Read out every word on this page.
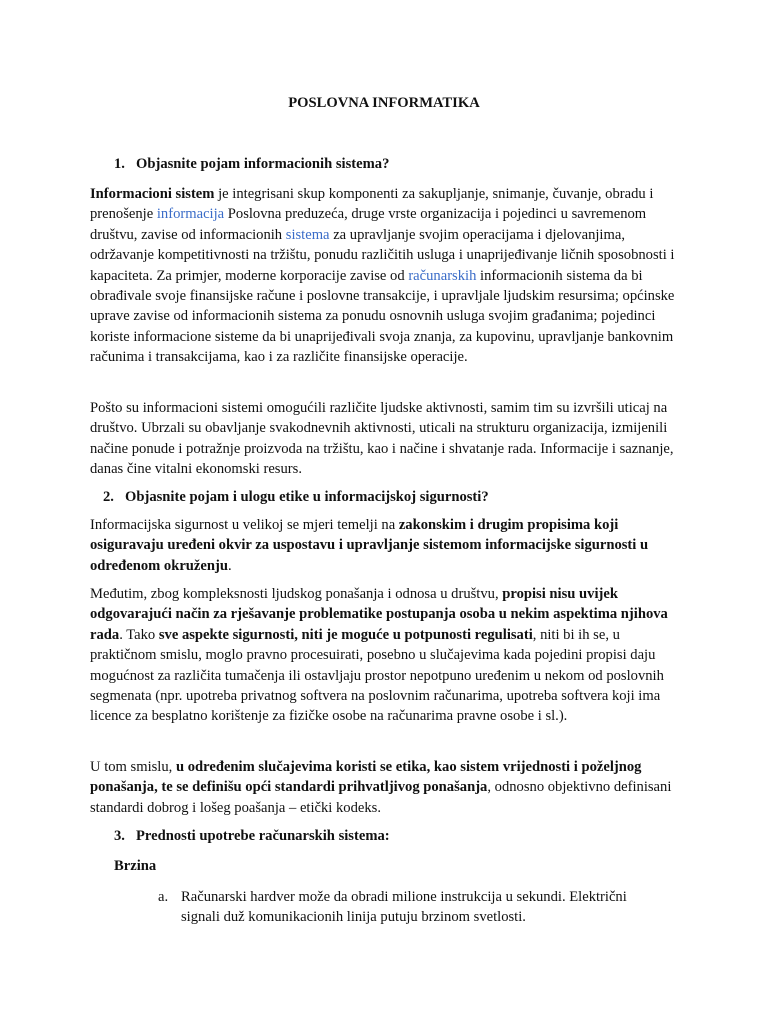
POSLOVNA INFORMATIKA
1. Objasnite pojam informacionih sistema?

Informacioni sistem je integrisani skup komponenti za sakupljanje, snimanje, čuvanje, obradu i prenošenje informacija Poslovna preduzeća, druge vrste organizacija i pojedinci u savremenom društvu, zavise od informacionih sistema za upravljanje svojim operacijama i djelovanjima, održavanje kompetitivnosti na tržištu, ponudu različitih usluga i unaprijeđivanje ličnih sposobnosti i kapaciteta. Za primjer, moderne korporacije zavise od računarskih informacionih sistema da bi obrađivale svoje finansijske račune i poslovne transakcije, i upravljale ljudskim resursima; općinske uprave zavise od informacionih sistema za ponudu osnovnih usluga svojim građanima; pojedinci koriste informacione sisteme da bi unaprijeđivali svoja znanja, za kupovinu, upravljanje bankovnim računima i transakcijama, kao i za različite finansijske operacije.

Pošto su informacioni sistemi omogućili različite ljudske aktivnosti, samim tim su izvršili uticaj na društvo. Ubrzali su obavljanje svakodnevnih aktivnosti, uticali na strukturu organizacija, izmijenili načine ponude i potražnje proizvoda na tržištu, kao i načine i shvatanje rada. Informacije i saznanje, danas čine vitalni ekonomski resurs.

2. Objasnite pojam i ulogu etike u informacijskoj sigurnosti?

Informacijska sigurnost u velikoj se mjeri temelji na zakonskim i drugim propisima koji osiguravaju uređeni okvir za uspostavu i upravljanje sistemom informacijske sigurnosti u određenom okruženju.

Međutim, zbog kompleksnosti ljudskog ponašanja i odnosa u društvu, propisi nisu uvijek odgovarajući način za rješavanje problematike postupanja osoba u nekim aspektima njihova rada. Tako sve aspekte sigurnosti, niti je moguće u potpunosti regulisati, niti bi ih se, u praktičnom smislu, moglo pravno procesuirati, posebno u slučajevima kada pojedini propisi daju mogućnost za različita tumačenja ili ostavljaju prostor nepotpuno uređenim u nekom od poslovnih segmenata (npr. upotreba privatnog softvera na poslovnim računarima, upotreba softvera koji ima licence za besplatno korištenje za fizičke osobe na računarima pravne osobe i sl.).

U tom smislu, u određenim slučajevima koristi se etika, kao sistem vrijednosti i poželjnog ponašanja, te se definišu opći standardi prihvatljivog ponašanja, odnosno objektivno definisani standardi dobrog i lošeg poašanja – etički kodeks.

3. Prednosti upotrebe računarskih sistema:
Brzina
a. Računarski hardver može da obradi milione instrukcija u sekundi. Električni signali duž komunikacionih linija putuju brzinom svetlosti.
